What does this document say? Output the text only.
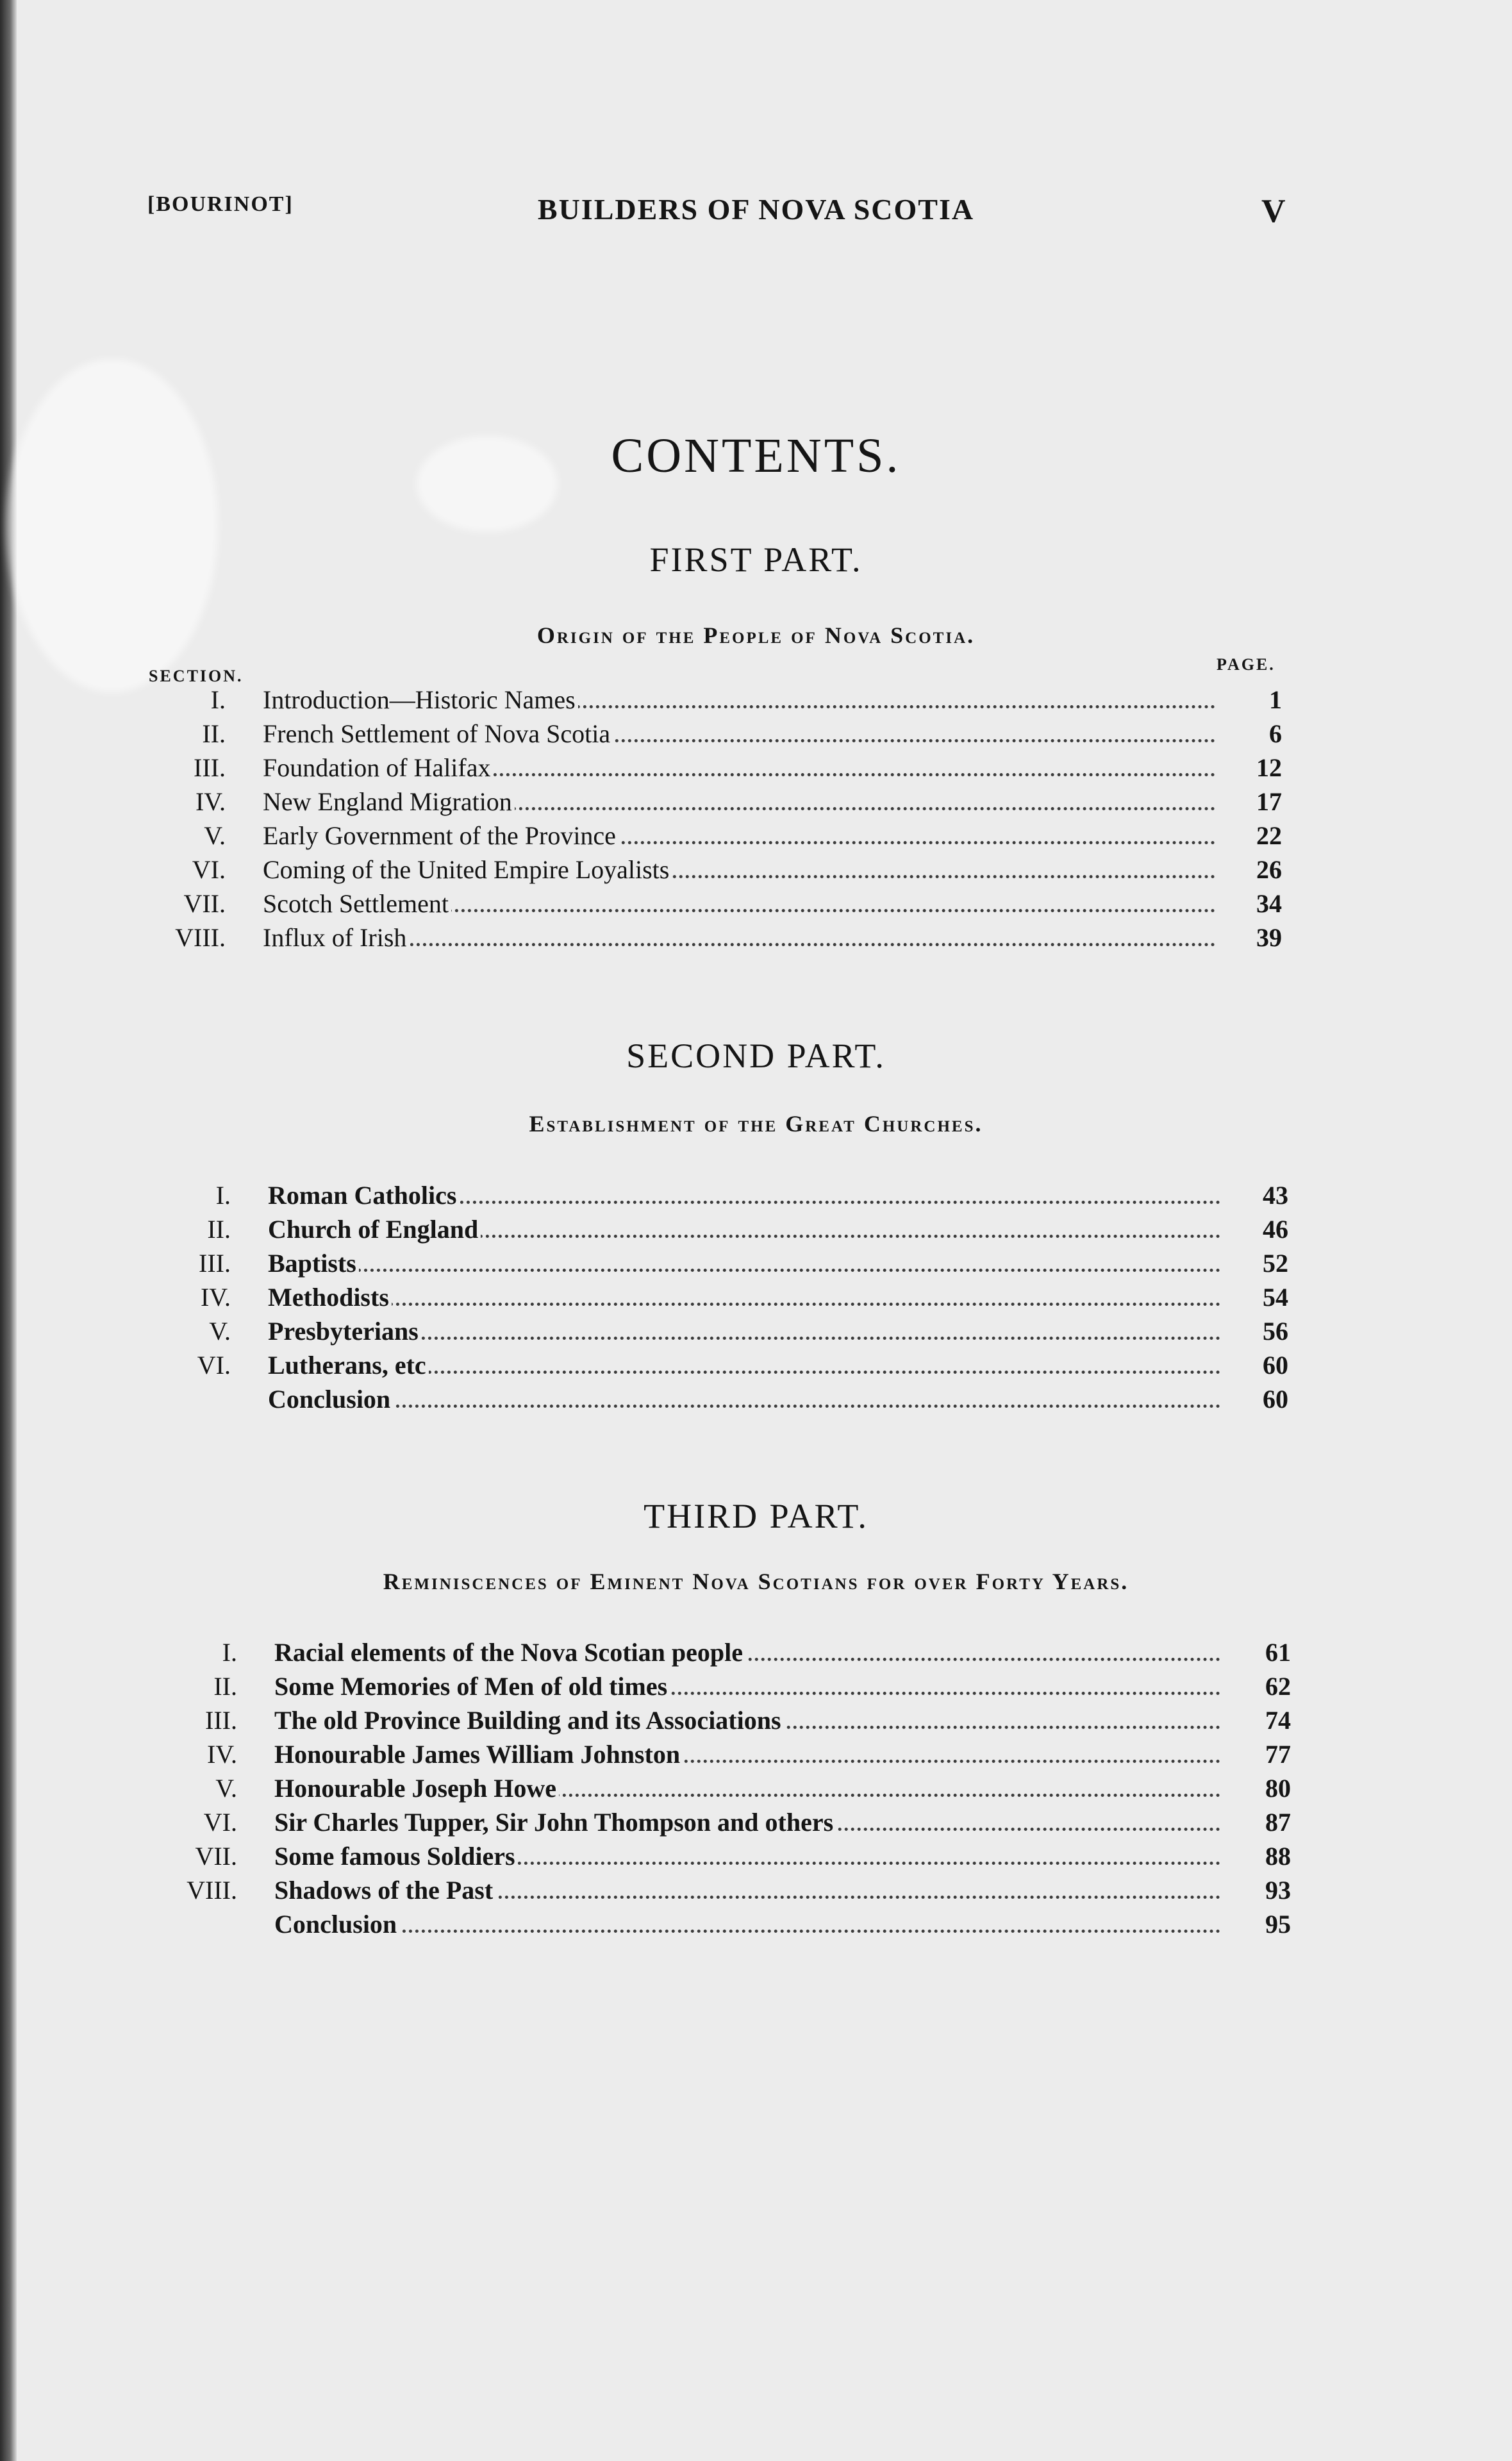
[BOURINOT]	BUILDERS OF NOVA SCOTIA	V
CONTENTS.
FIRST PART.
Origin of the People of Nova Scotia.
SECTION.
PAGE.
I. Introduction—Historic Names	1
II. French Settlement of Nova Scotia	6
III. Foundation of Halifax	12
IV. New England Migration	17
V. Early Government of the Province	22
VI. Coming of the United Empire Loyalists	26
VII. Scotch Settlement	34
VIII. Influx of Irish	39
SECOND PART.
Establishment of the Great Churches.
I. Roman Catholics	43
II. Church of England	46
III. Baptists	52
IV. Methodists	54
V. Presbyterians	56
VI. Lutherans, etc	60
Conclusion	60
THIRD PART.
Reminiscences of Eminent Nova Scotians for over Forty Years.
I. Racial elements of the Nova Scotian people	61
II. Some Memories of Men of old times	62
III. The old Province Building and its Associations	74
IV. Honourable James William Johnston	77
V. Honourable Joseph Howe	80
VI. Sir Charles Tupper, Sir John Thompson and others	87
VII. Some famous Soldiers	88
VIII. Shadows of the Past	93
Conclusion	95
